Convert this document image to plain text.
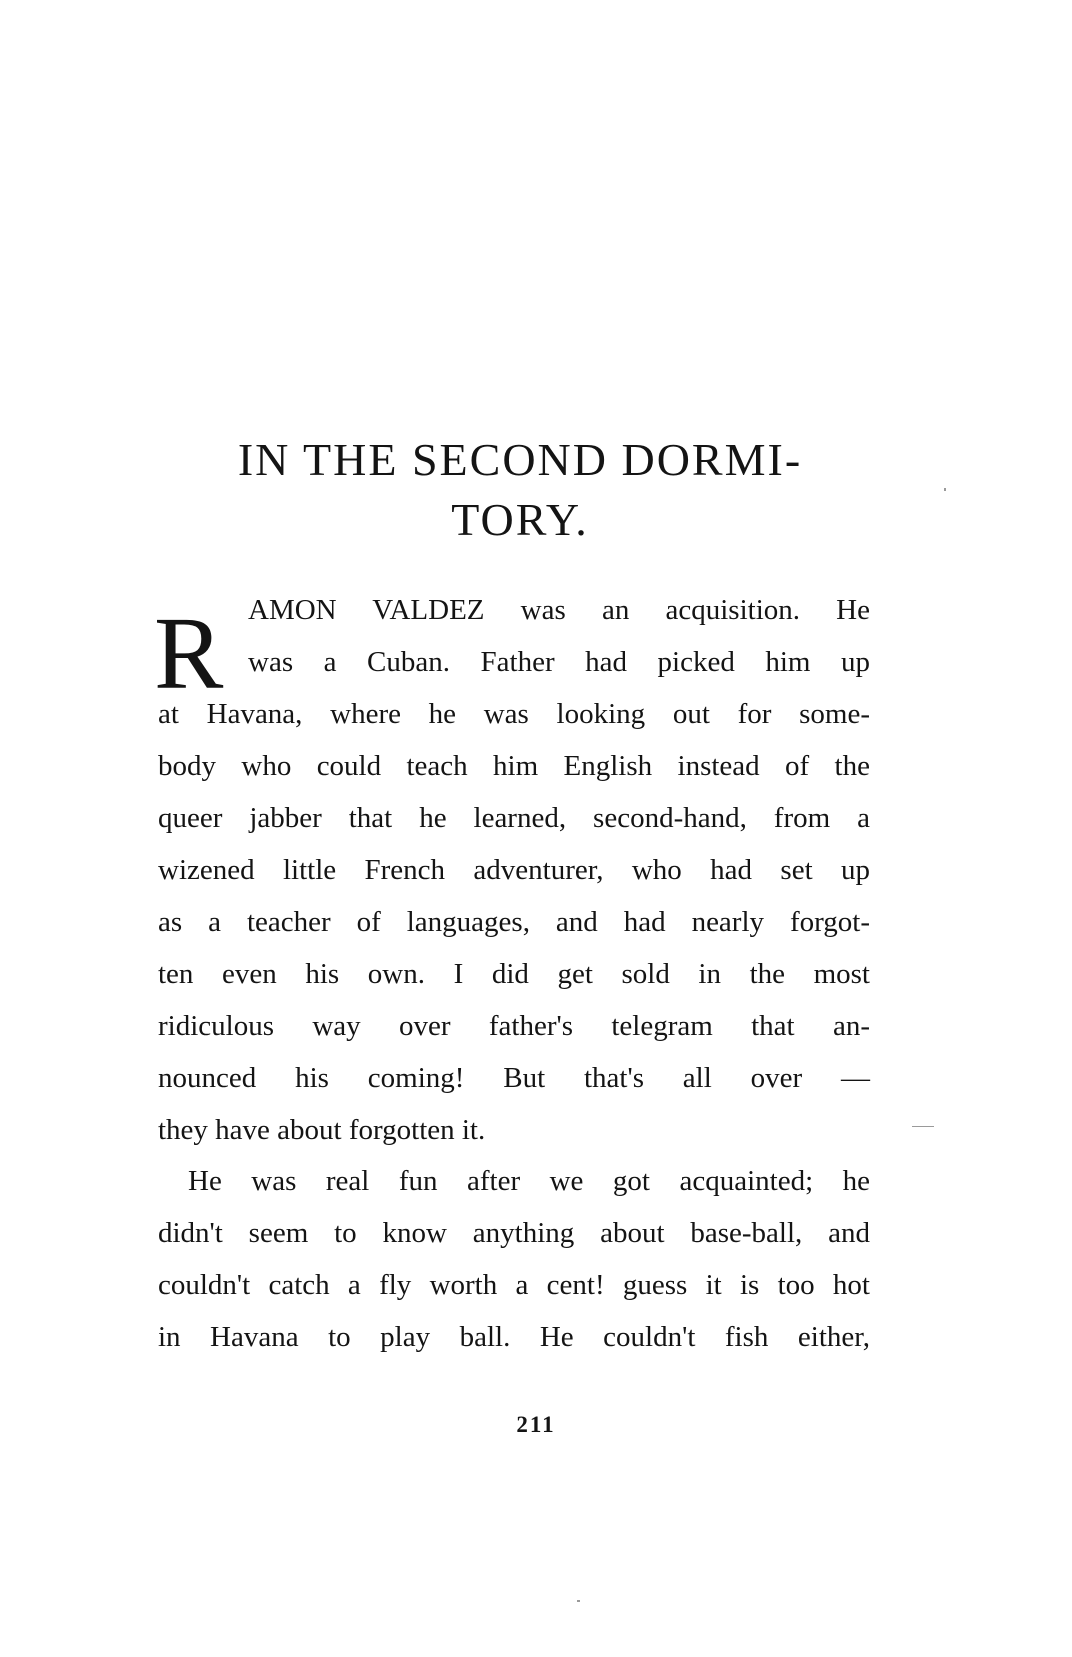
IN THE SECOND DORMI-
TORY.
R AMON VALDEZ was an acquisition. He

was a Cuban. Father had picked him up

at Havana, where he was looking out for some-

body who could teach him English instead of the

queer jabber that he learned, second-hand, from a

wizened little French adventurer, who had set up

as a teacher of languages, and had nearly forgot-

ten even his own. I did get sold in the most

ridiculous way over father's telegram that an-

nounced his coming! But that's all over —

they have about forgotten it.

He was real fun after we got acquainted; he

didn't seem to know anything about base-ball, and

couldn't catch a fly worth a cent! guess it is too hot

in Havana to play ball. He couldn't fish either,

211
